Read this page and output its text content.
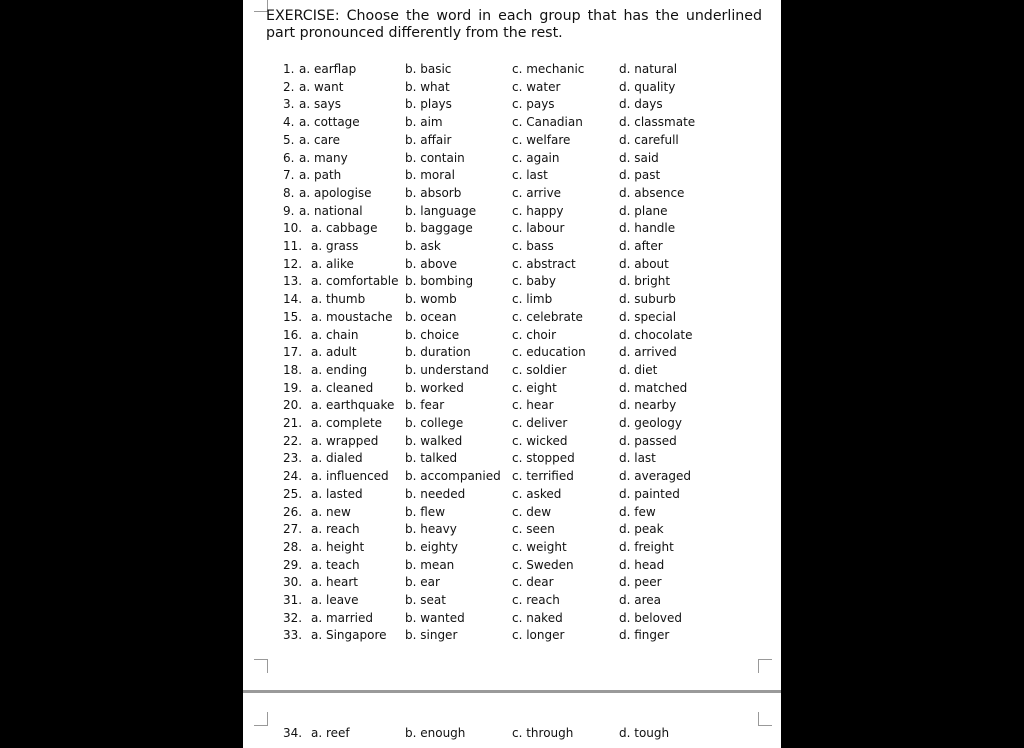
EXERCISE: Choose the word in each group that has the underlined part pronounced differently from the rest.
1. a. earflap	b. basic	c. mechanic	d. natural
2. a. want	b. what	c. water	d. quality
3. a. says	b. plays	c. pays	d. days
4. a. cottage	b. aim	c. Canadian	d. classmate
5. a. care	b. affair	c. welfare	d. carefull
6. a. many	b. contain	c. again	d. said
7. a. path	b. moral	c. last	d. past
8. a. apologise	b. absorb	c. arrive	d. absence
9. a. national	b. language	c. happy	d. plane
10. a. cabbage b. baggage	c. labour	d. handle
11. a. grass	b. ask	c. bass	d. after
12. a. alike	b. above	c. abstract	d. about
13. a. comfortable b. bombing	c. baby	d. bright
14. a. thumb	b. womb	c. limb	d. suburb
15. a. moustache b. ocean	c. celebrate	d. special
16. a. chain	b. choice	c. choir	d. chocolate
17. a. adult	b. duration	c. education	d. arrived
18. a. ending	b. understand c. soldier	d. diet
19. a. cleaned	b. worked	c. eight	d. matched
20. a. earthquake b. fear	c. hear	d. nearby
21. a. complete b. college	c. deliver	d. geology
22. a. wrapped b. walked	c. wicked	d. passed
23. a. dialed	b. talked	c. stopped	d. last
24. a. influenced b. accompanied c. terrified	d. averaged
25. a. lasted	b. needed	c. asked	d. painted
26. a. new	b. flew	c. dew	d. few
27. a. reach	b. heavy	c. seen	d. peak
28. a. height	b. eighty	c. weight	d. freight
29. a. teach	b. mean	c. Sweden	d. head
30. a. heart	b. ear	c. dear	d. peer
31. a. leave	b. seat	c. reach	d. area
32. a. married	b. wanted	c. naked	d. beloved
33. a. Singapore b. singer	c. longer	d. finger
34. a. reef	b. enough	c. through	d. tough
